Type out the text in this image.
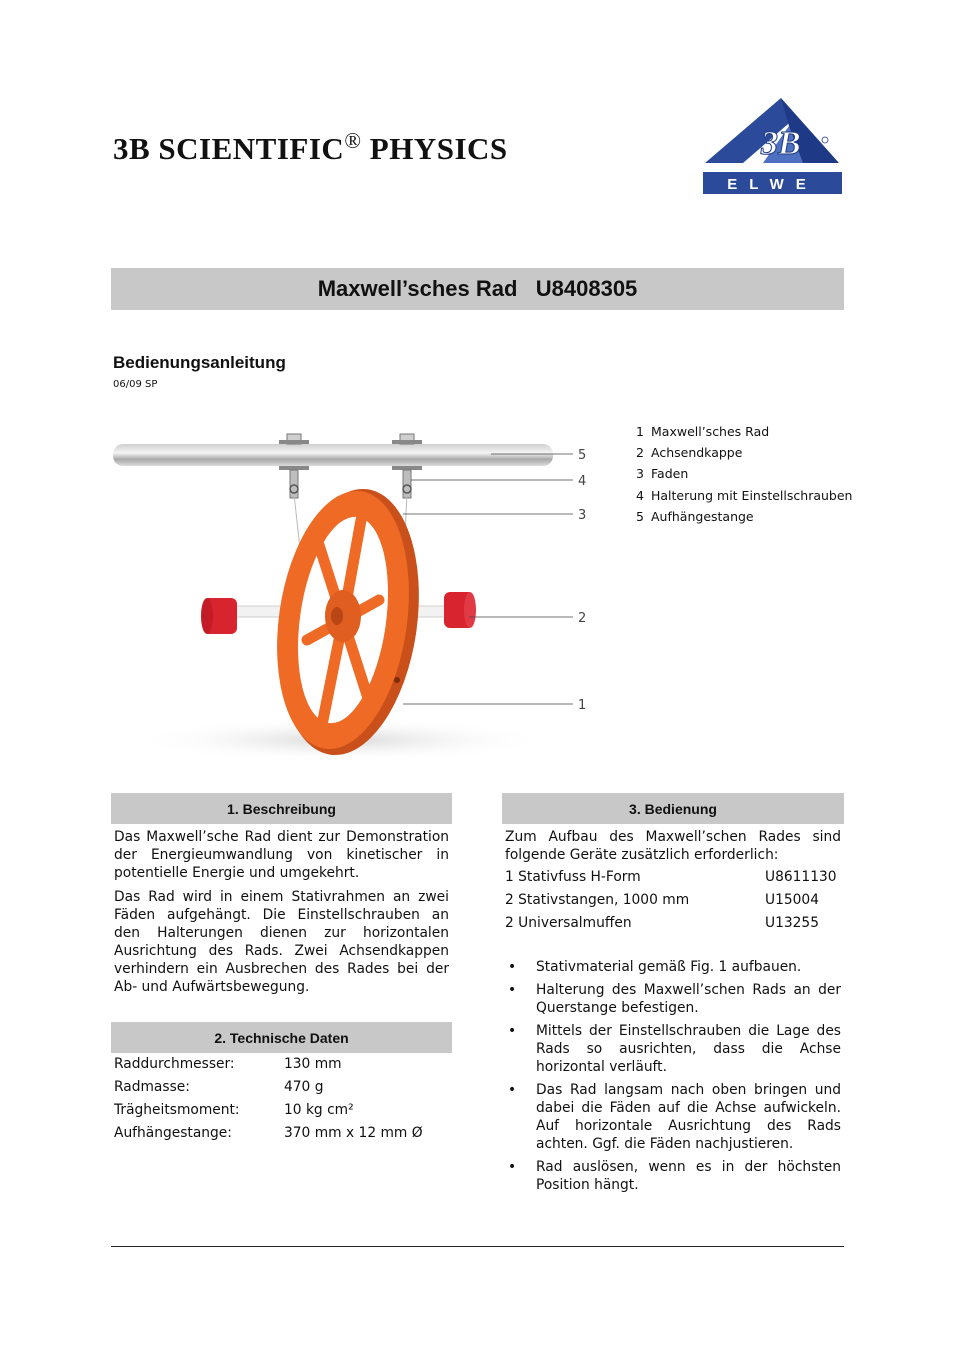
3B SCIENTIFIC® PHYSICS	3B
ELWE
Maxwell’sches Rad
U8408305
Bedienungsanleitung
06/09 SP
5
4
3
2
1
1 Maxwell’sches Rad
2 Achsendkappe
3 Faden
4 Halterung mit Einstellschrauben
5 Aufhängestange
1. Beschreibung

Das Maxwell’sche Rad dient zur Demonstration der Energieumwandlung von kinetischer in potentielle Energie und umgekehrt.

Das Rad wird in einem Stativrahmen an zwei Fäden aufgehängt. Die Einstellschrauben an den Halterungen dienen zur horizontalen Ausrichtung des Rads. Zwei Achsendkappen verhindern ein Ausbrechen des Rades bei der Ab- und Aufwärtsbewegung.

2. Technische Daten
Raddurchmesser:	130 mm
Radmasse:	470 g
Trägheitsmoment:	10 kg cm²
Aufhängestange:	370 mm x 12 mm Ø
3. Bedienung

Zum Aufbau des Maxwell’schen Rades sind folgende Geräte zusätzlich erforderlich:

1 Stativfuss H-Form	U8611130
2 Stativstangen, 1000 mm	U15004
2 Universalmuffen	U13255
• Stativmaterial gemäß Fig. 1 aufbauen.
• Halterung des Maxwell’schen Rads an der Querstange befestigen.
• Mittels der Einstellschrauben die Lage des Rads so ausrichten, dass die Achse horizontal verläuft.
• Das Rad langsam nach oben bringen und dabei die Fäden auf die Achse aufwickeln. Auf horizontale Ausrichtung des Rads achten. Ggf. die Fäden nachjustieren.
• Rad auslösen, wenn es in der höchsten Position hängt.
